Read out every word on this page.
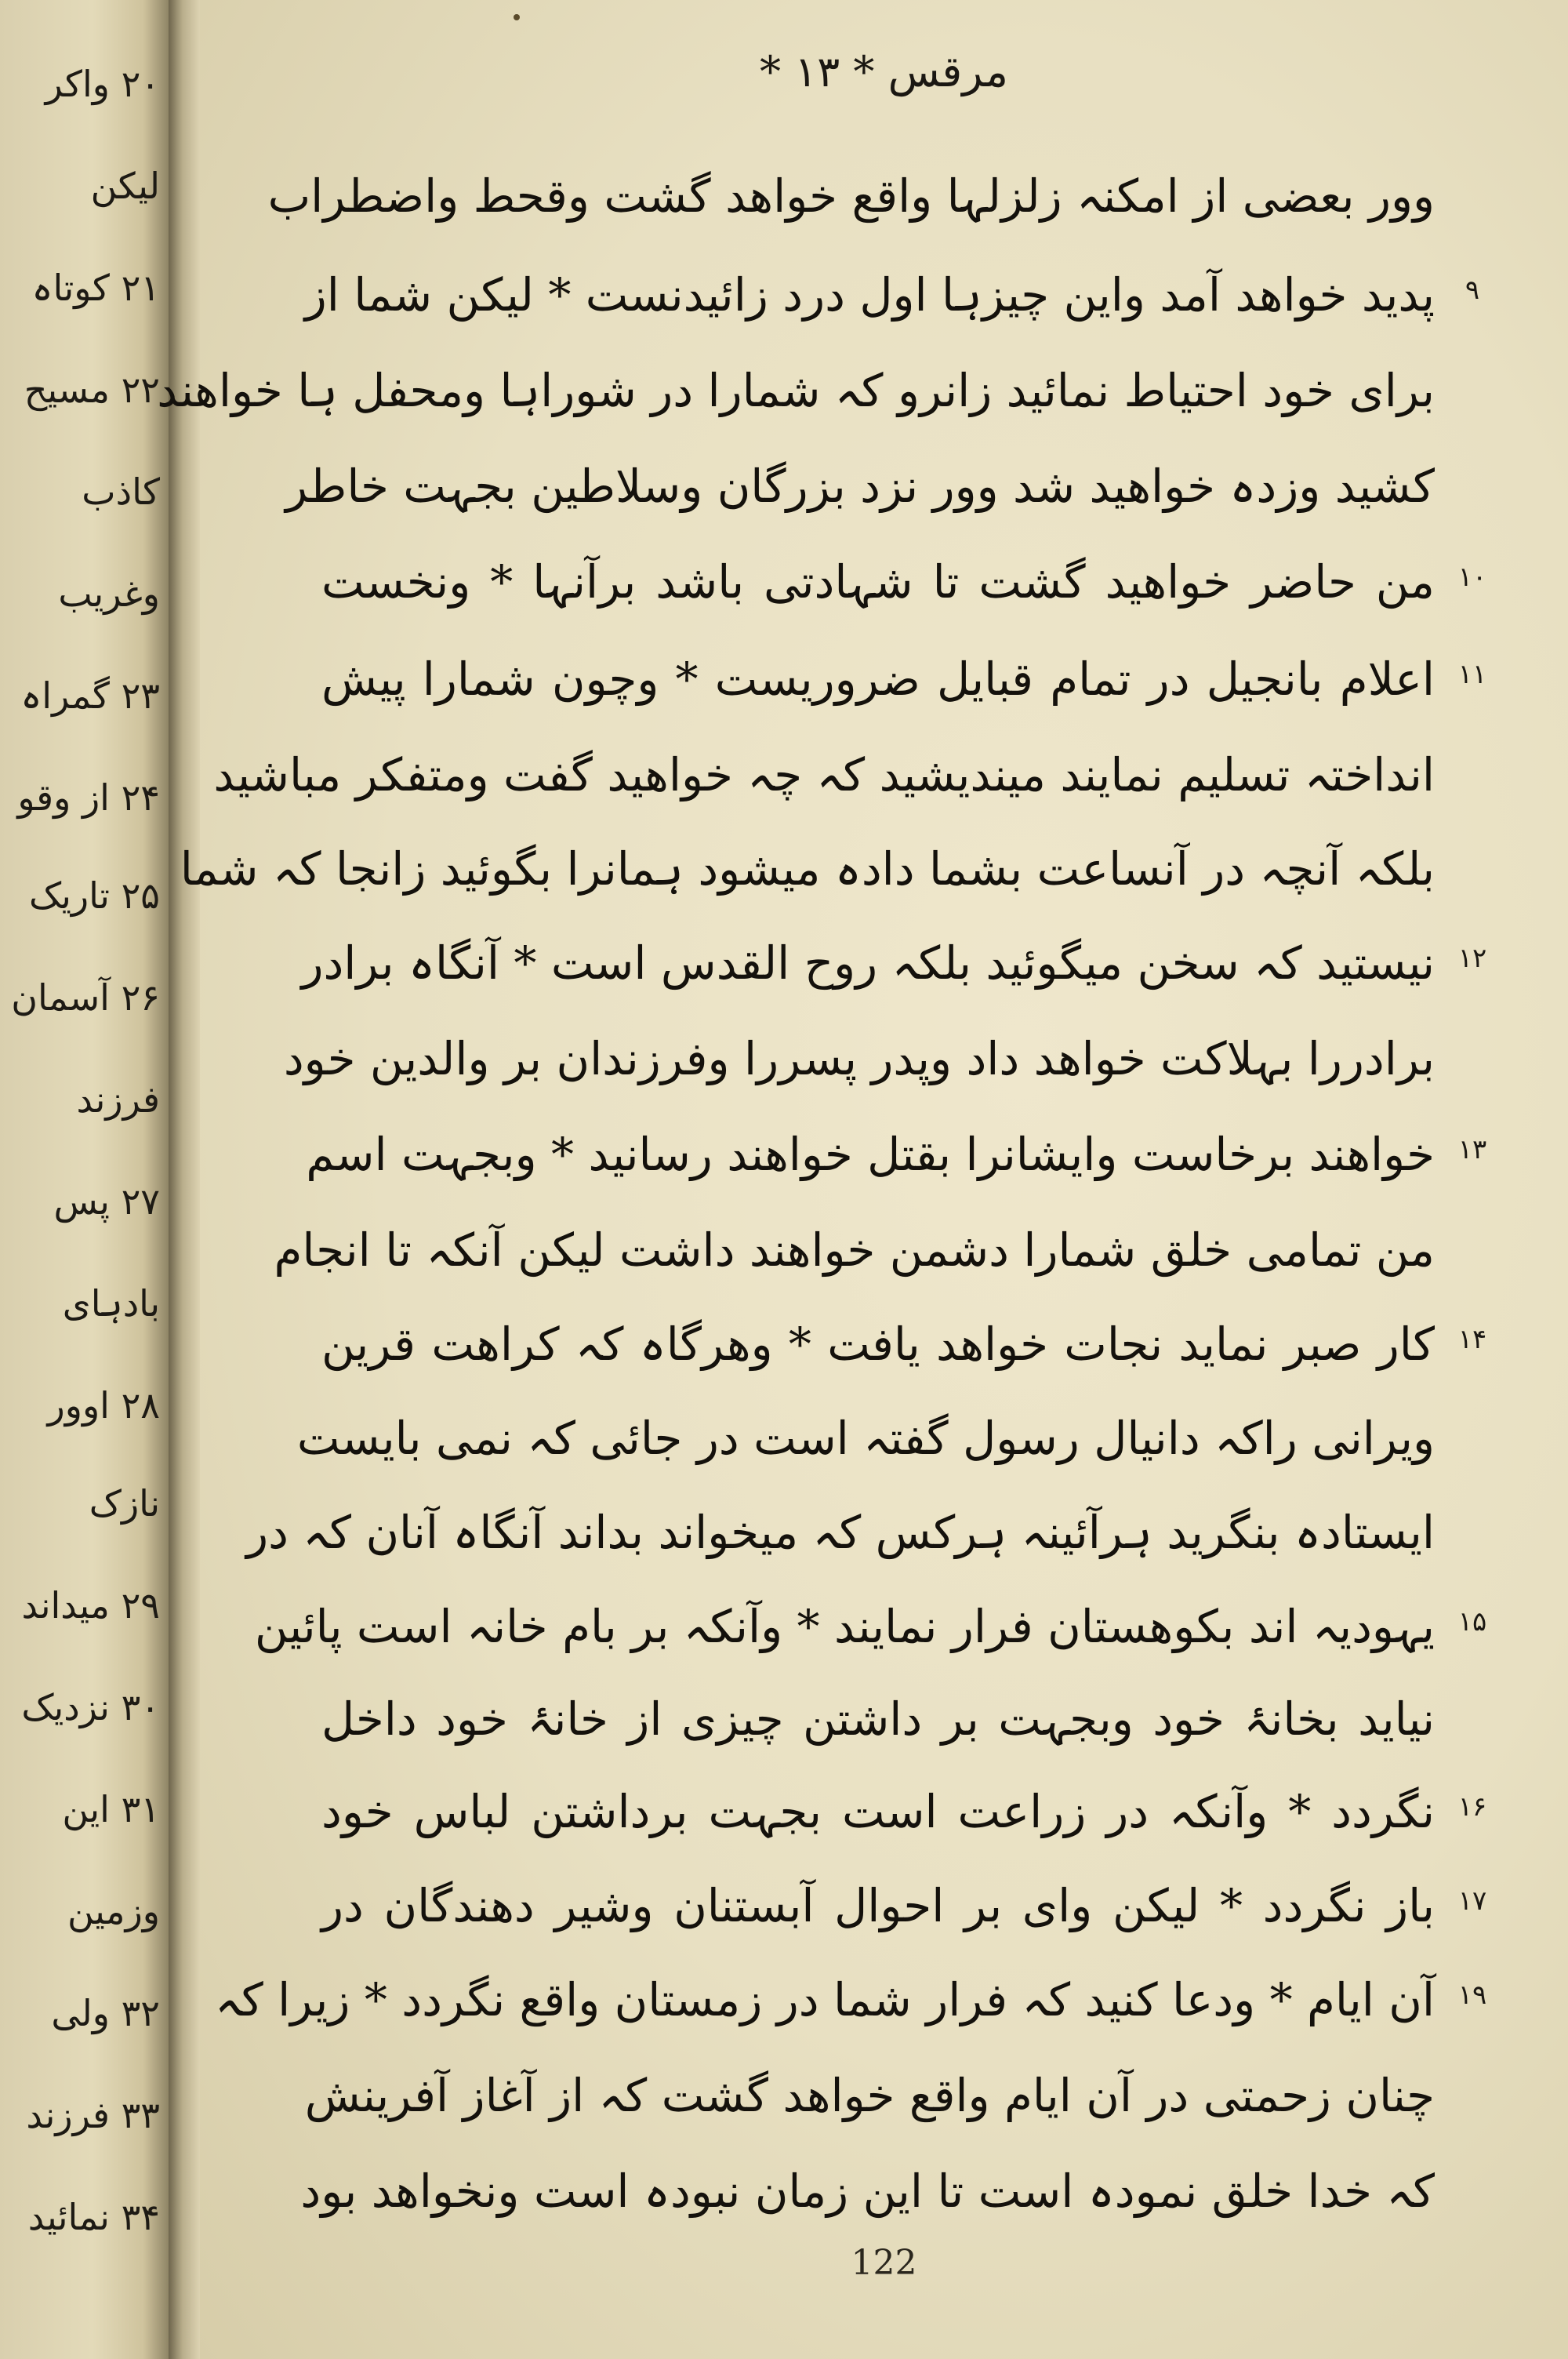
۲۰ واکر
لیکن
۲۱ کوتاہ
۲۲ مسیح
کاذب
وغریب
۲۳ گمراہ
۲۴ از وقو
۲۵ تاریک
۲۶ آسمان
فرزند
۲۷ پس
بادہای
۲۸ اوور
نازک
۲۹ میداند
۳۰ نزدیک
۳۱ این
وزمین
۳۲ ولی
۳۳ فرزند
۳۴ نمائید
مرقس * ۱۳ *
وور بعضی از امکنہ زلزلہا واقع خواھد گشت وقحط واضطراب
پدید خواھد آمد واین چیزہا اول درد زائیدنست * لیکن شما از
برای خود احتیاط نمائید زانرو کہ شمارا در شوراہا ومحفل ہا خواھند
کشید وزدہ خواھید شد وور نزد بزرگان وسلاطین بجہت خاطر
من حاضر خواھید گشت تا شہادتی باشد برآنہا * ونخست
اعلام بانجیل در تمام قبایل ضروریست * وچون شمارا پیش
انداختہ تسلیم نمایند میندیشید کہ چہ خواھید گفت ومتفکر مباشید
بلکہ آنچہ در آنساعت بشما دادہ میشود ہمانرا بگوئید زانجا کہ شما
نیستید کہ سخن میگوئید بلکہ روح القدس است * آنگاہ برادر
برادررا بہلاکت خواھد داد وپدر پسررا وفرزندان بر والدین خود
خواھند برخاست وایشانرا بقتل خواھند رسانید * وبجہت اسم
من تمامی خلق شمارا دشمن خواھند داشت لیکن آنکہ تا انجام
کار صبر نماید نجات خواھد یافت * وھرگاہ کہ کراھت قرین
ویرانی راکہ دانیال رسول گفتہ است در جائی کہ نمی بایست
ایستادہ بنگرید ہرآئینہ ہرکس کہ میخواند بداند آنگاہ آنان کہ در
یہودیہ اند بکوھستان فرار نمایند * وآنکہ بر بام خانہ است پائین
نیاید بخانۂ خود وبجہت بر داشتن چیزی از خانۂ خود داخل
نگردد * وآنکہ در زراعت است بجہت برداشتن لباس خود
باز نگردد * لیکن وای بر احوال آبستنان وشیر دھندگان در
آن ایام * ودعا کنید کہ فرار شما در زمستان واقع نگردد * زیرا کہ
چنان زحمتی در آن ایام واقع خواھد گشت کہ از آغاز آفرینش
کہ خدا خلق نمودہ است تا این زمان نبودہ است ونخواھد بود
۹
۱۰
۱۱
۱۲
۱۳
۱۴
۱۵
۱۶
۱۷
۱۹
122
